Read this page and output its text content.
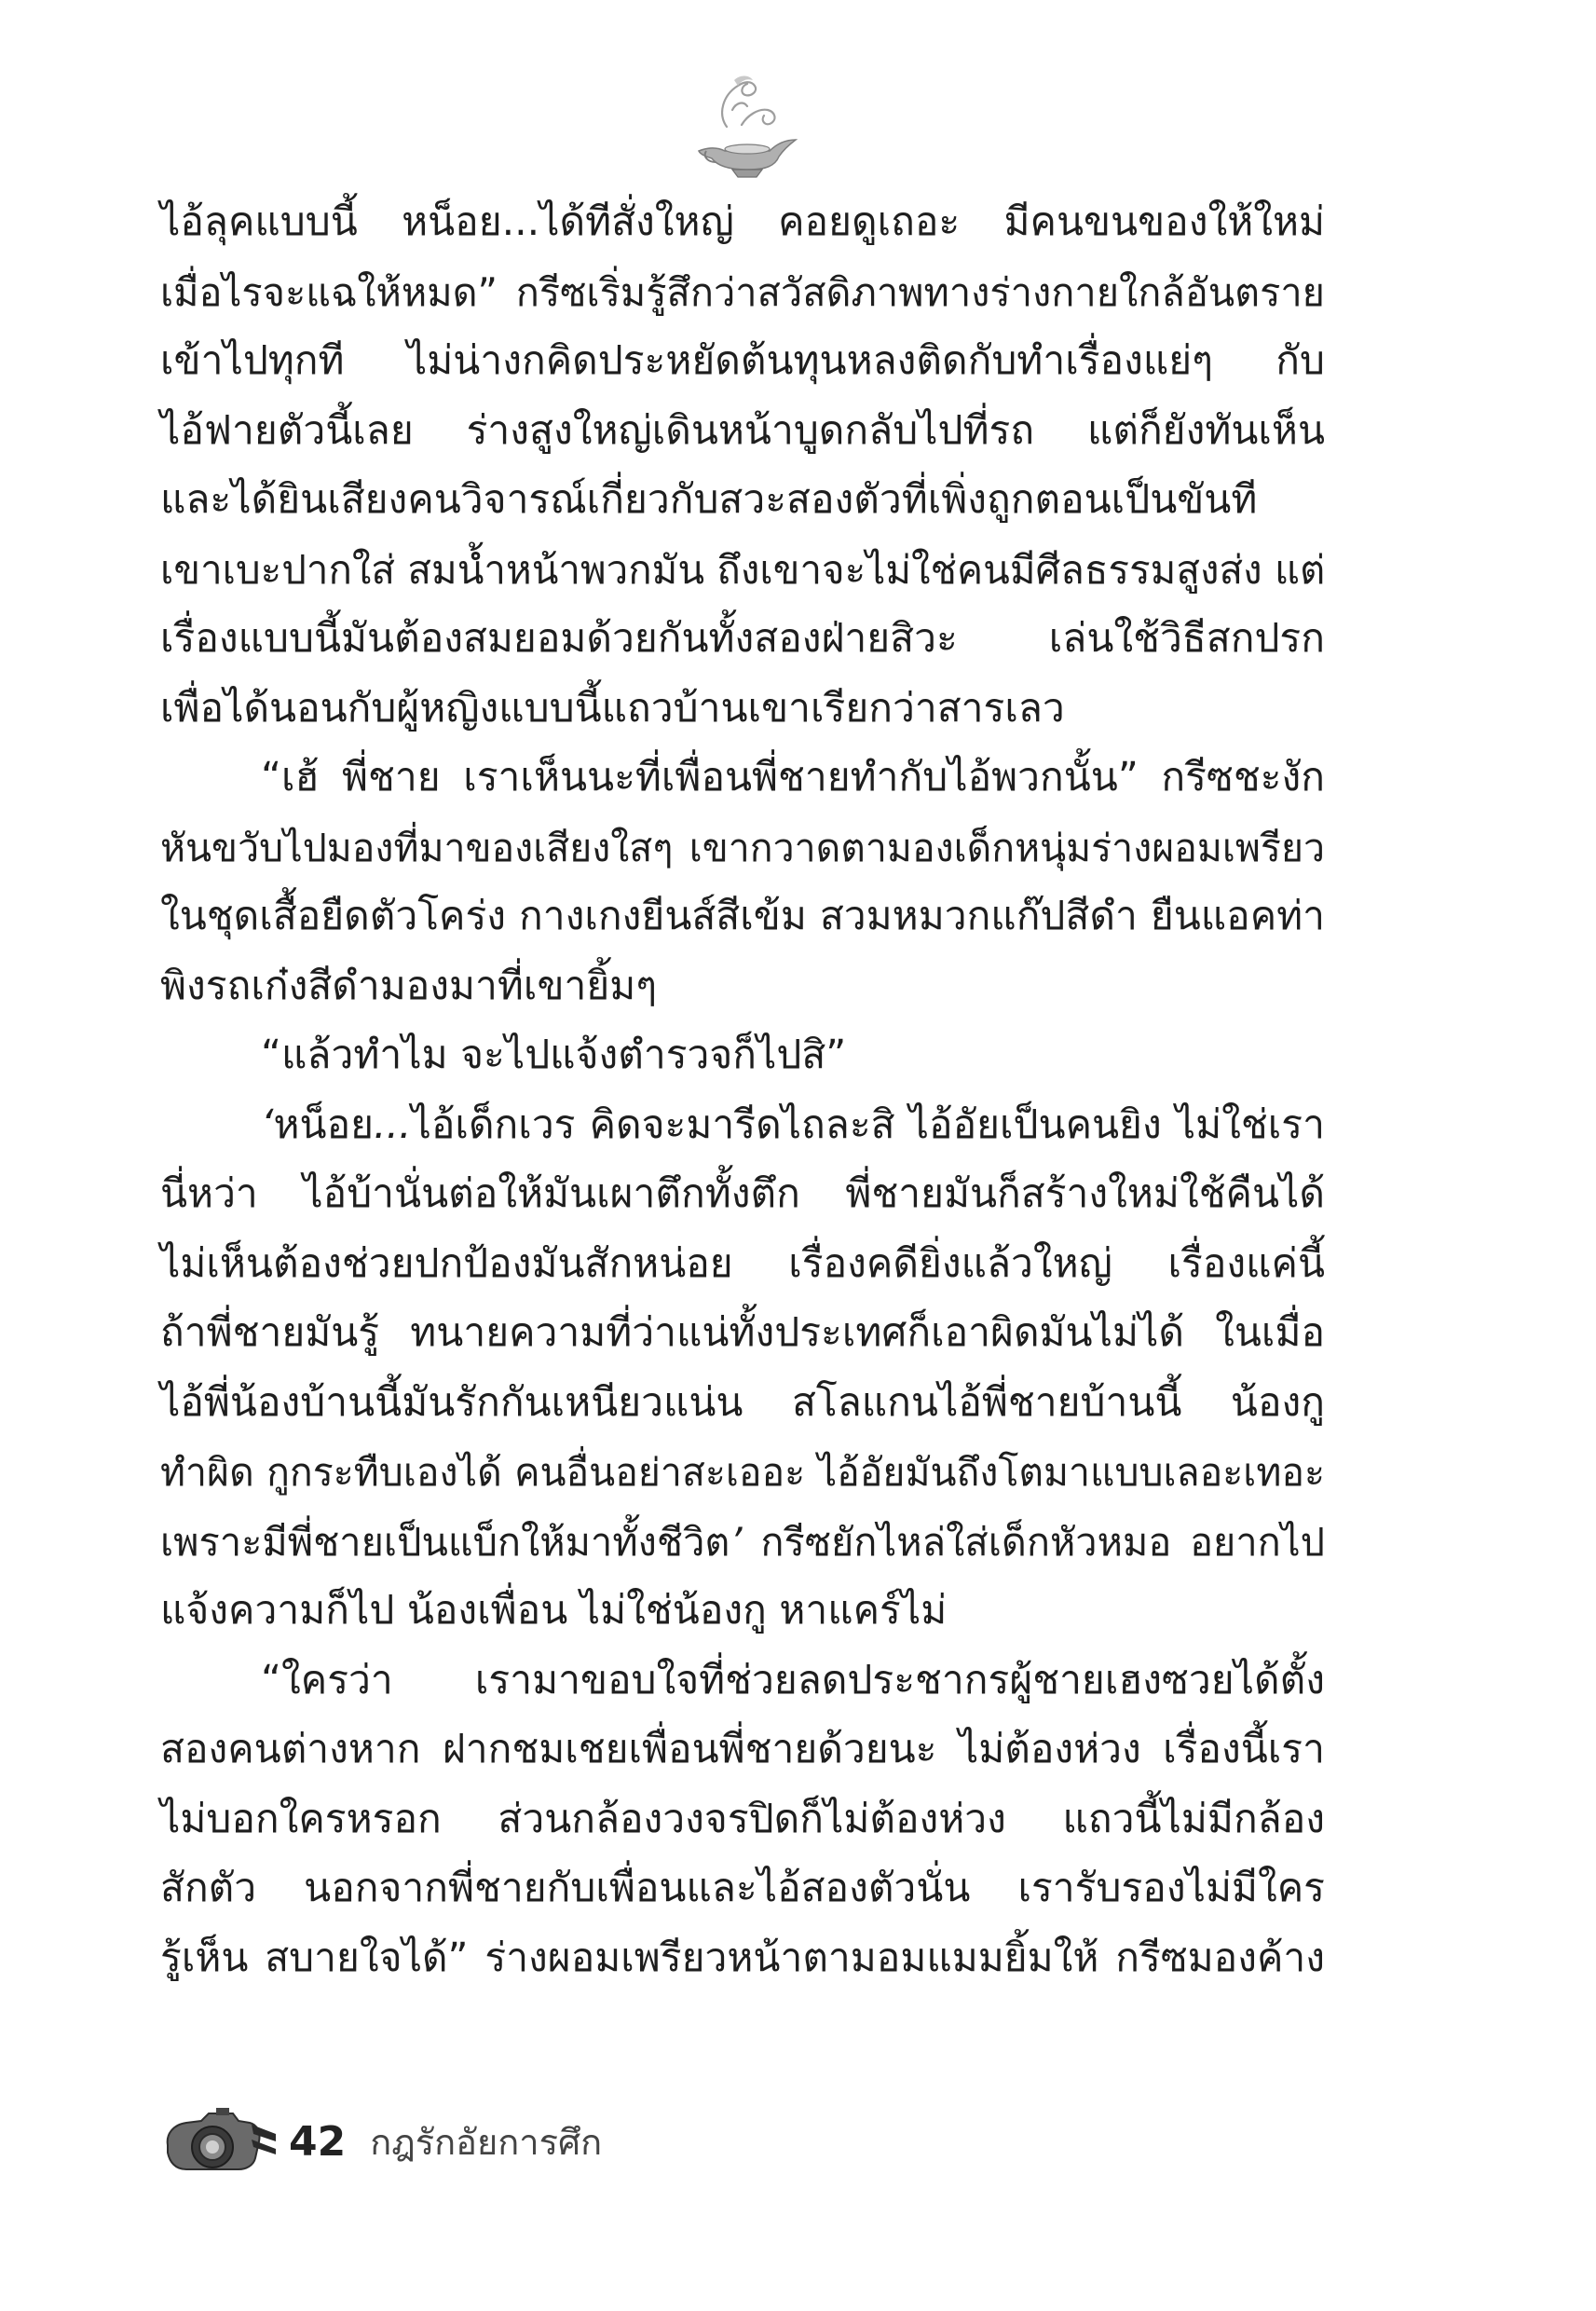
ไอ้ลุคแบบนี้ หน็อย...ได้ทีสั่งใหญ่ คอยดูเถอะ มีคนขนของให้ใหม่
เมื่อไรจะแฉให้หมด” กรีซเริ่มรู้สึกว่าสวัสดิภาพทางร่างกายใกล้อันตราย
เข้าไปทุกที ไม่น่างกคิดประหยัดต้นทุนหลงติดกับทำเรื่องแย่ๆ กับ
ไอ้ฟายตัวนี้เลย ร่างสูงใหญ่เดินหน้าบูดกลับไปที่รถ แต่ก็ยังทันเห็น
และได้ยินเสียงคนวิจารณ์เกี่ยวกับสวะสองตัวที่เพิ่งถูกตอนเป็นขันที
เขาเบะปากใส่ สมน้ำหน้าพวกมัน ถึงเขาจะไม่ใช่คนมีศีลธรรมสูงส่ง แต่
เรื่องแบบนี้มันต้องสมยอมด้วยกันทั้งสองฝ่ายสิวะ เล่นใช้วิธีสกปรก
เพื่อได้นอนกับผู้หญิงแบบนี้แถวบ้านเขาเรียกว่าสารเลว
“เฮ้ พี่ชาย เราเห็นนะที่เพื่อนพี่ชายทำกับไอ้พวกนั้น” กรีซชะงัก
หันขวับไปมองที่มาของเสียงใสๆ เขากวาดตามองเด็กหนุ่มร่างผอมเพรียว
ในชุดเสื้อยืดตัวโคร่ง กางเกงยีนส์สีเข้ม สวมหมวกแก๊ปสีดำ ยืนแอคท่า
พิงรถเก๋งสีดำมองมาที่เขายิ้มๆ
“แล้วทำไม จะไปแจ้งตำรวจก็ไปสิ”
‘หน็อย...ไอ้เด็กเวร คิดจะมารีดไถละสิ ไอ้อัยเป็นคนยิง ไม่ใช่เรา
นี่หว่า ไอ้บ้านั่นต่อให้มันเผาตึกทั้งตึก พี่ชายมันก็สร้างใหม่ใช้คืนได้
ไม่เห็นต้องช่วยปกป้องมันสักหน่อย เรื่องคดียิ่งแล้วใหญ่ เรื่องแค่นี้
ถ้าพี่ชายมันรู้ ทนายความที่ว่าแน่ทั้งประเทศก็เอาผิดมันไม่ได้ ในเมื่อ
ไอ้พี่น้องบ้านนี้มันรักกันเหนียวแน่น สโลแกนไอ้พี่ชายบ้านนี้ น้องกู
ทำผิด กูกระทืบเองได้ คนอื่นอย่าสะเออะ ไอ้อัยมันถึงโตมาแบบเลอะเทอะ
เพราะมีพี่ชายเป็นแบ็กให้มาทั้งชีวิต’ กรีซยักไหล่ใส่เด็กหัวหมอ อยากไป
แจ้งความก็ไป น้องเพื่อน ไม่ใช่น้องกู หาแคร์ไม่
“ใครว่า เรามาขอบใจที่ช่วยลดประชากรผู้ชายเฮงซวยได้ตั้ง
สองคนต่างหาก ฝากชมเชยเพื่อนพี่ชายด้วยนะ ไม่ต้องห่วง เรื่องนี้เรา
ไม่บอกใครหรอก ส่วนกล้องวงจรปิดก็ไม่ต้องห่วง แถวนี้ไม่มีกล้อง
สักตัว นอกจากพี่ชายกับเพื่อนและไอ้สองตัวนั่น เรารับรองไม่มีใคร
รู้เห็น สบายใจได้” ร่างผอมเพรียวหน้าตามอมแมมยิ้มให้ กรีซมองค้าง
42 กฎรักอัยการศึก
